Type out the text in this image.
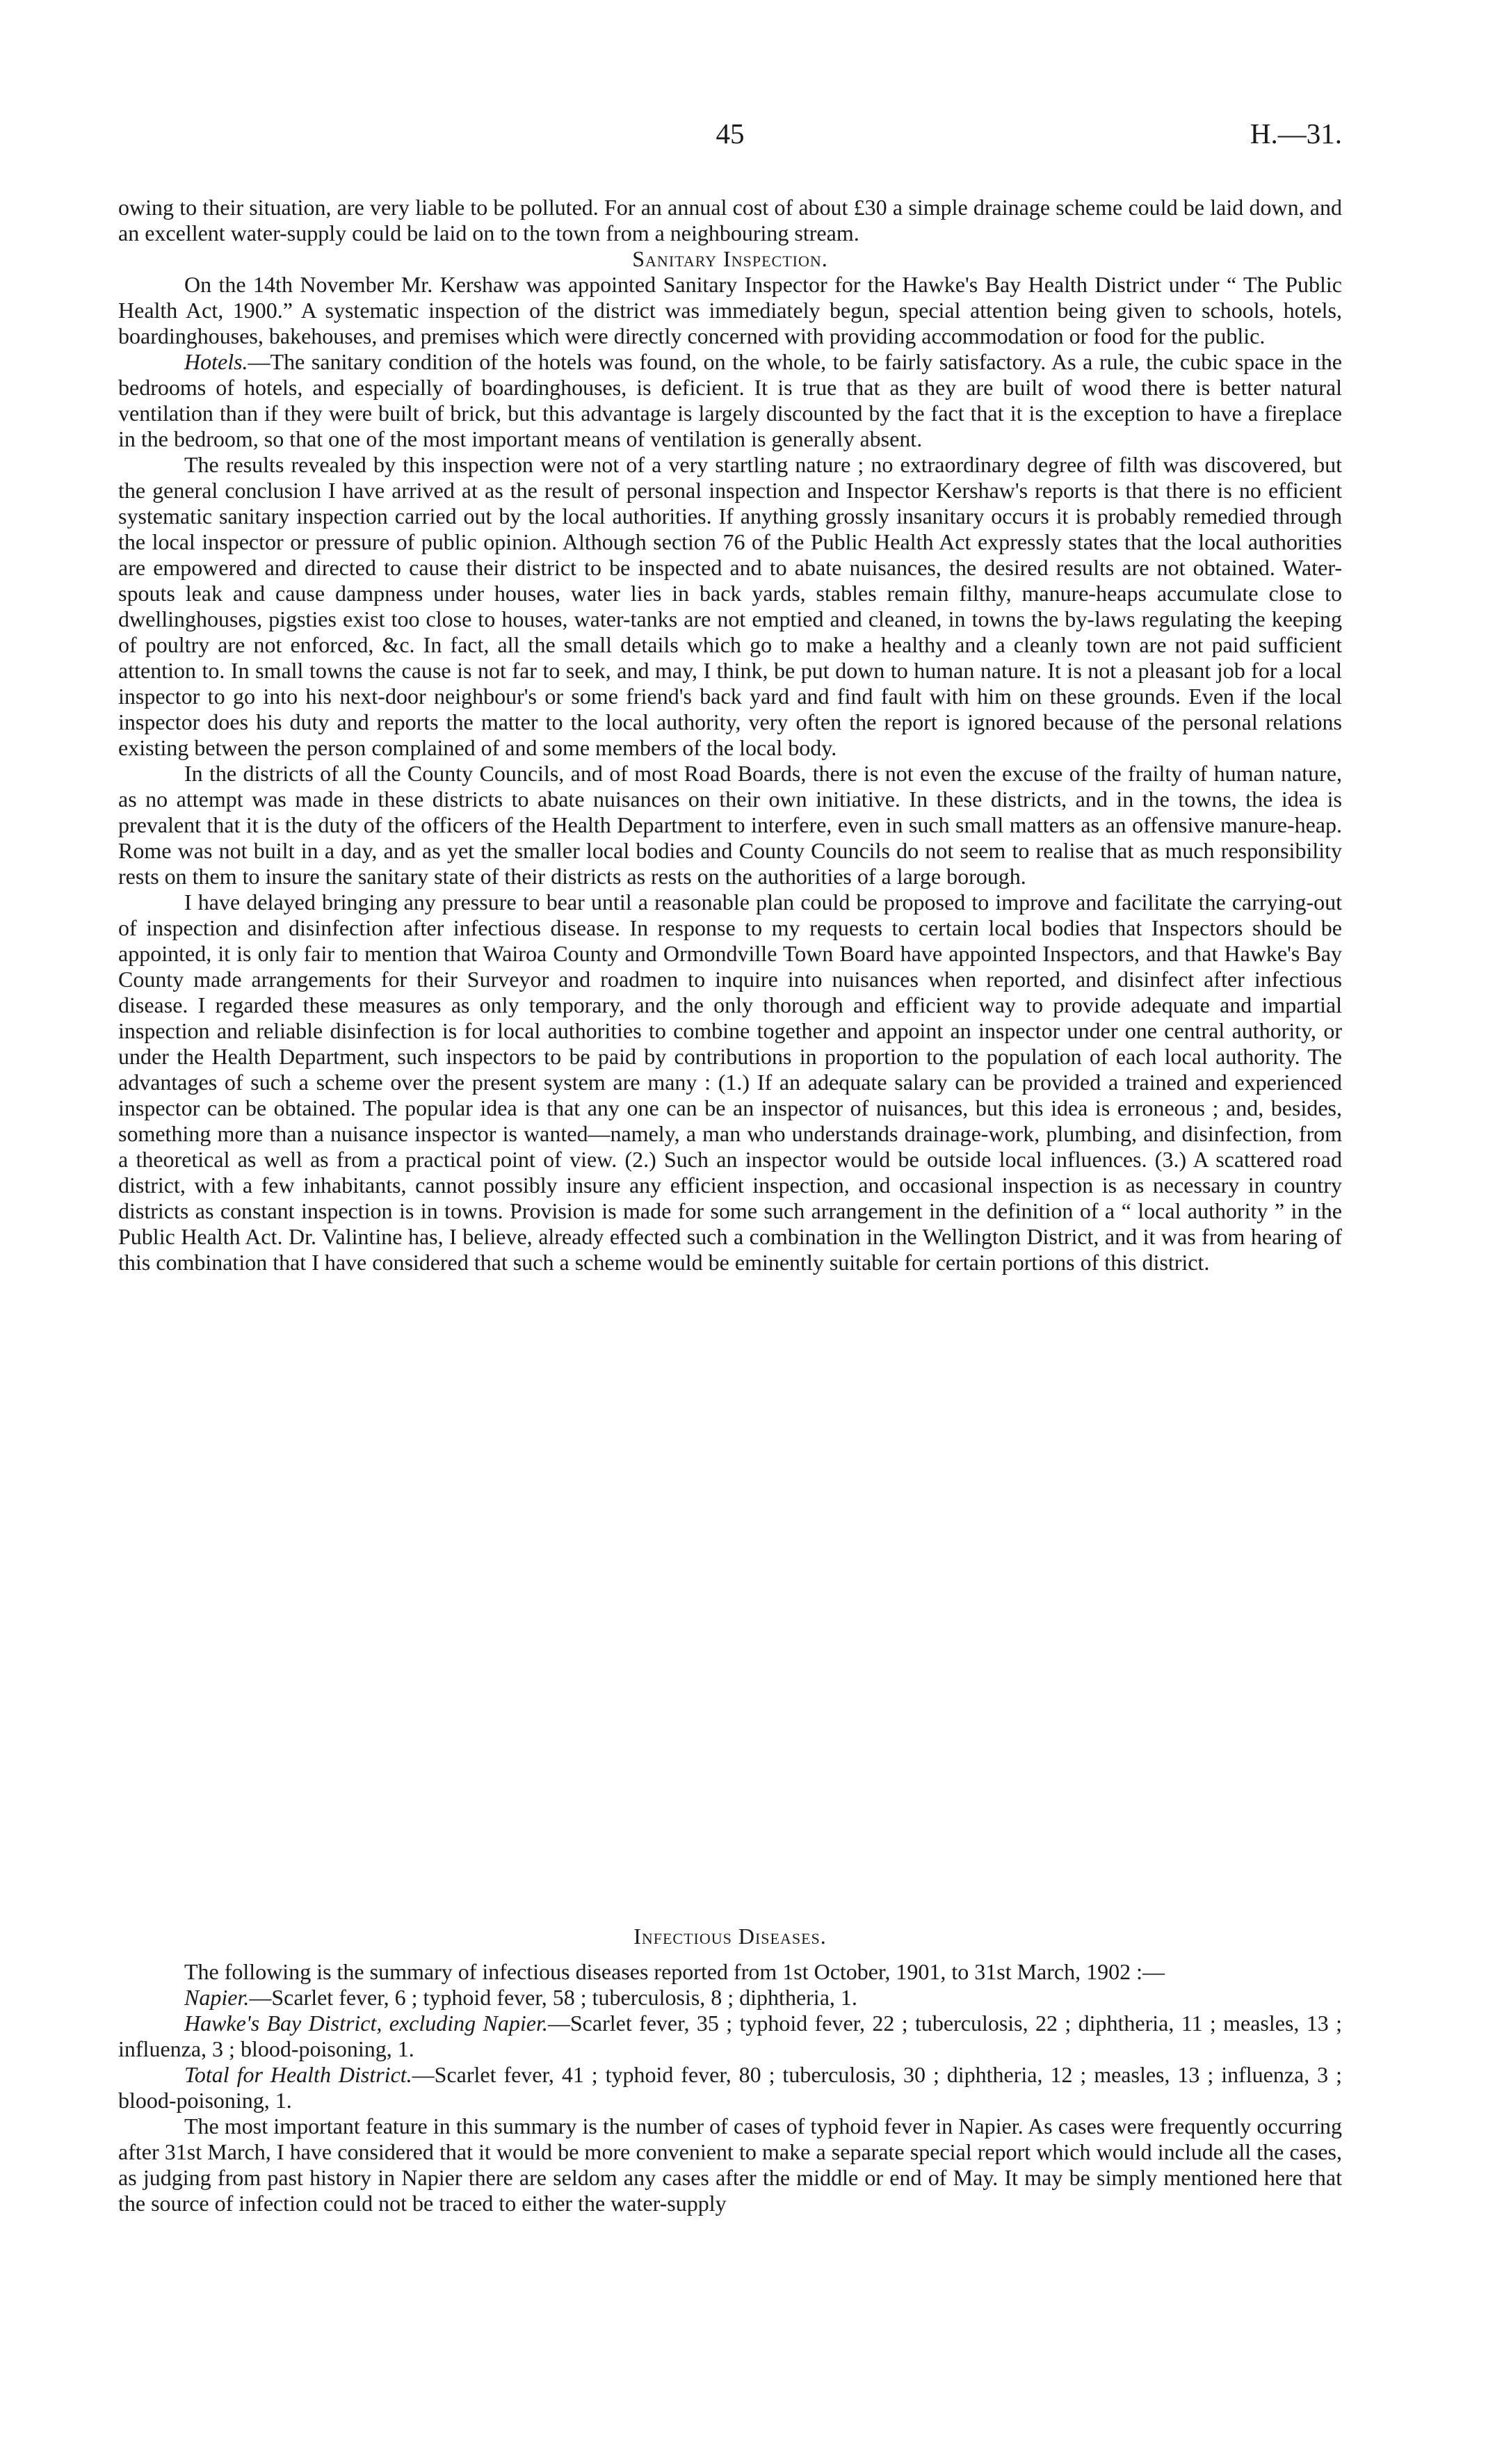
45	H.—31.

owing to their situation, are very liable to be polluted. For an annual cost of about £30 a simple drainage scheme could be laid down, and an excellent water-supply could be laid on to the town from a neighbouring stream.

Sanitary Inspection.

On the 14th November Mr. Kershaw was appointed Sanitary Inspector for the Hawke's Bay Health District under “ The Public Health Act, 1900.” A systematic inspection of the district was immediately begun, special attention being given to schools, hotels, boardinghouses, bakehouses, and premises which were directly concerned with providing accommodation or food for the public.

Hotels.—The sanitary condition of the hotels was found, on the whole, to be fairly satisfactory. As a rule, the cubic space in the bedrooms of hotels, and especially of boardinghouses, is deficient. It is true that as they are built of wood there is better natural ventilation than if they were built of brick, but this advantage is largely discounted by the fact that it is the exception to have a fireplace in the bedroom, so that one of the most important means of ventilation is generally absent.

The results revealed by this inspection were not of a very startling nature ; no extraordinary degree of filth was discovered, but the general conclusion I have arrived at as the result of personal inspection and Inspector Kershaw's reports is that there is no efficient systematic sanitary inspection carried out by the local authorities. If anything grossly insanitary occurs it is probably remedied through the local inspector or pressure of public opinion. Although section 76 of the Public Health Act expressly states that the local authorities are empowered and directed to cause their district to be inspected and to abate nuisances, the desired results are not obtained. Water-spouts leak and cause dampness under houses, water lies in back yards, stables remain filthy, manure-heaps accumulate close to dwellinghouses, pigsties exist too close to houses, water-tanks are not emptied and cleaned, in towns the by-laws regulating the keeping of poultry are not enforced, &c. In fact, all the small details which go to make a healthy and a cleanly town are not paid sufficient attention to. In small towns the cause is not far to seek, and may, I think, be put down to human nature. It is not a pleasant job for a local inspector to go into his next-door neighbour's or some friend's back yard and find fault with him on these grounds. Even if the local inspector does his duty and reports the matter to the local authority, very often the report is ignored because of the personal relations existing between the person complained of and some members of the local body.

In the districts of all the County Councils, and of most Road Boards, there is not even the excuse of the frailty of human nature, as no attempt was made in these districts to abate nuisances on their own initiative. In these districts, and in the towns, the idea is prevalent that it is the duty of the officers of the Health Department to interfere, even in such small matters as an offensive manure-heap. Rome was not built in a day, and as yet the smaller local bodies and County Councils do not seem to realise that as much responsibility rests on them to insure the sanitary state of their districts as rests on the authorities of a large borough.

I have delayed bringing any pressure to bear until a reasonable plan could be proposed to improve and facilitate the carrying-out of inspection and disinfection after infectious disease. In response to my requests to certain local bodies that Inspectors should be appointed, it is only fair to mention that Wairoa County and Ormondville Town Board have appointed Inspectors, and that Hawke's Bay County made arrangements for their Surveyor and roadmen to inquire into nuisances when reported, and disinfect after infectious disease. I regarded these measures as only temporary, and the only thorough and efficient way to provide adequate and impartial inspection and reliable disinfection is for local authorities to combine together and appoint an inspector under one central authority, or under the Health Department, such inspectors to be paid by contributions in proportion to the population of each local authority. The advantages of such a scheme over the present system are many : (1.) If an adequate salary can be provided a trained and experienced inspector can be obtained. The popular idea is that any one can be an inspector of nuisances, but this idea is erroneous ; and, besides, something more than a nuisance inspector is wanted—namely, a man who understands drainage-work, plumbing, and disinfection, from a theoretical as well as from a practical point of view. (2.) Such an inspector would be outside local influences. (3.) A scattered road district, with a few inhabitants, cannot possibly insure any efficient inspection, and occasional inspection is as necessary in country districts as constant inspection is in towns. Provision is made for some such arrangement in the definition of a “ local authority ” in the Public Health Act. Dr. Valintine has, I believe, already effected such a combination in the Wellington District, and it was from hearing of this combination that I have considered that such a scheme would be eminently suitable for certain portions of this district.

Infectious Diseases.

The following is the summary of infectious diseases reported from 1st October, 1901, to 31st March, 1902 :—

Napier.—Scarlet fever, 6 ; typhoid fever, 58 ; tuberculosis, 8 ; diphtheria, 1.

Hawke's Bay District, excluding Napier.—Scarlet fever, 35 ; typhoid fever, 22 ; tuberculosis, 22 ; diphtheria, 11 ; measles, 13 ; influenza, 3 ; blood-poisoning, 1.

Total for Health District.—Scarlet fever, 41 ; typhoid fever, 80 ; tuberculosis, 30 ; diphtheria, 12 ; measles, 13 ; influenza, 3 ; blood-poisoning, 1.

The most important feature in this summary is the number of cases of typhoid fever in Napier. As cases were frequently occurring after 31st March, I have considered that it would be more convenient to make a separate special report which would include all the cases, as judging from past history in Napier there are seldom any cases after the middle or end of May. It may be simply mentioned here that the source of infection could not be traced to either the water-supply
